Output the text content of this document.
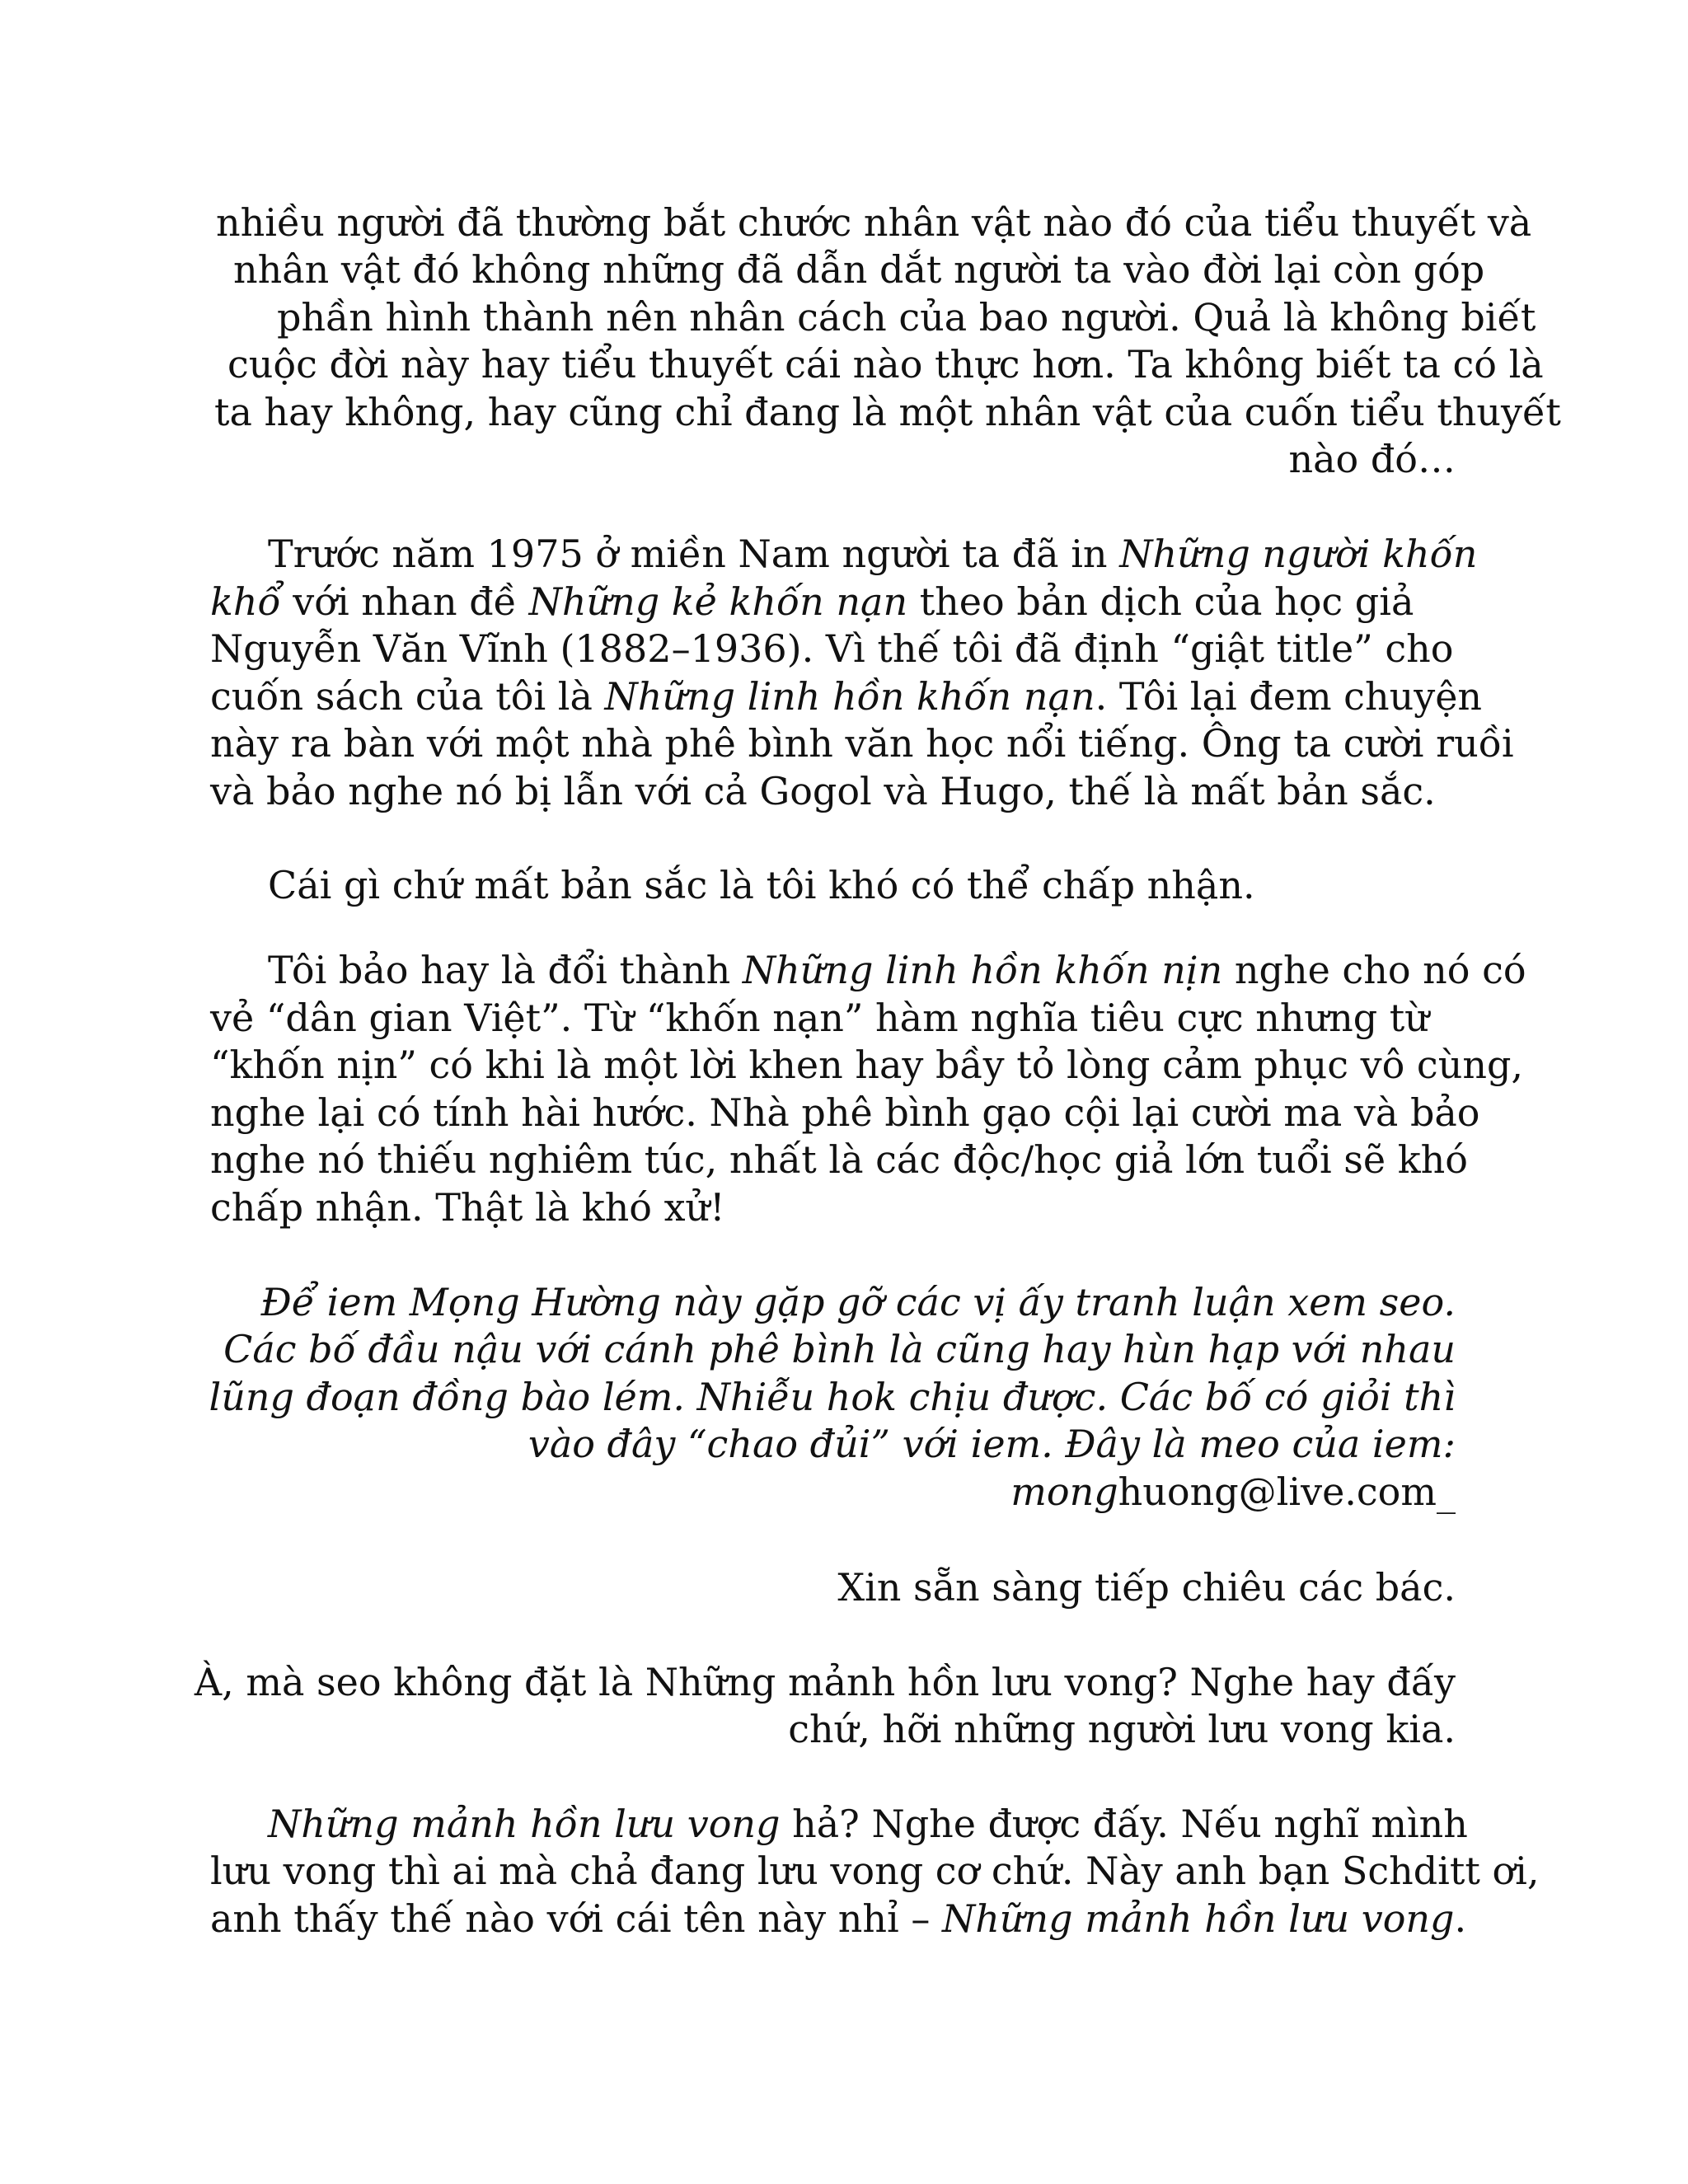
nhiều người đã thường bắt chước nhân vật nào đó của tiểu thuyết và
nhân vật đó không những đã dẫn dắt người ta vào đời lại còn góp
phần hình thành nên nhân cách của bao người. Quả là không biết
cuộc đời này hay tiểu thuyết cái nào thực hơn. Ta không biết ta có là
ta hay không, hay cũng chỉ đang là một nhân vật của cuốn tiểu thuyết
nào đó…
Trước năm 1975 ở miền Nam người ta đã in Những người khốn
khổ với nhan đề Những kẻ khốn nạn theo bản dịch của học giả
Nguyễn Văn Vĩnh (1882–1936). Vì thế tôi đã định “giật title” cho
cuốn sách của tôi là Những linh hồn khốn nạn. Tôi lại đem chuyện
này ra bàn với một nhà phê bình văn học nổi tiếng. Ông ta cười ruồi
và bảo nghe nó bị lẫn với cả Gogol và Hugo, thế là mất bản sắc.
Cái gì chứ mất bản sắc là tôi khó có thể chấp nhận.
Tôi bảo hay là đổi thành Những linh hồn khốn nịn nghe cho nó có
vẻ “dân gian Việt”. Từ “khốn nạn” hàm nghĩa tiêu cực nhưng từ
“khốn nịn” có khi là một lời khen hay bầy tỏ lòng cảm phục vô cùng,
nghe lại có tính hài hước. Nhà phê bình gạo cội lại cười ma và bảo
nghe nó thiếu nghiêm túc, nhất là các độc/học giả lớn tuổi sẽ khó
chấp nhận. Thật là khó xử!
Để iem Mọng Hường này gặp gỡ các vị ấy tranh luận xem seo.
Các bố đầu nậu với cánh phê bình là cũng hay hùn hạp với nhau
lũng đoạn đồng bào lém. Nhiễu hok chịu được. Các bố có giỏi thì
vào đây “chao đủi” với iem. Đây là meo của iem:
monghuong@live.com_
Xin sẵn sàng tiếp chiêu các bác.
À, mà seo không đặt là Những mảnh hồn lưu vong? Nghe hay đấy
chứ, hỡi những người lưu vong kia.
Những mảnh hồn lưu vong hả? Nghe được đấy. Nếu nghĩ mình
lưu vong thì ai mà chả đang lưu vong cơ chứ. Này anh bạn Schditt ơi,
anh thấy thế nào với cái tên này nhỉ – Những mảnh hồn lưu vong.
